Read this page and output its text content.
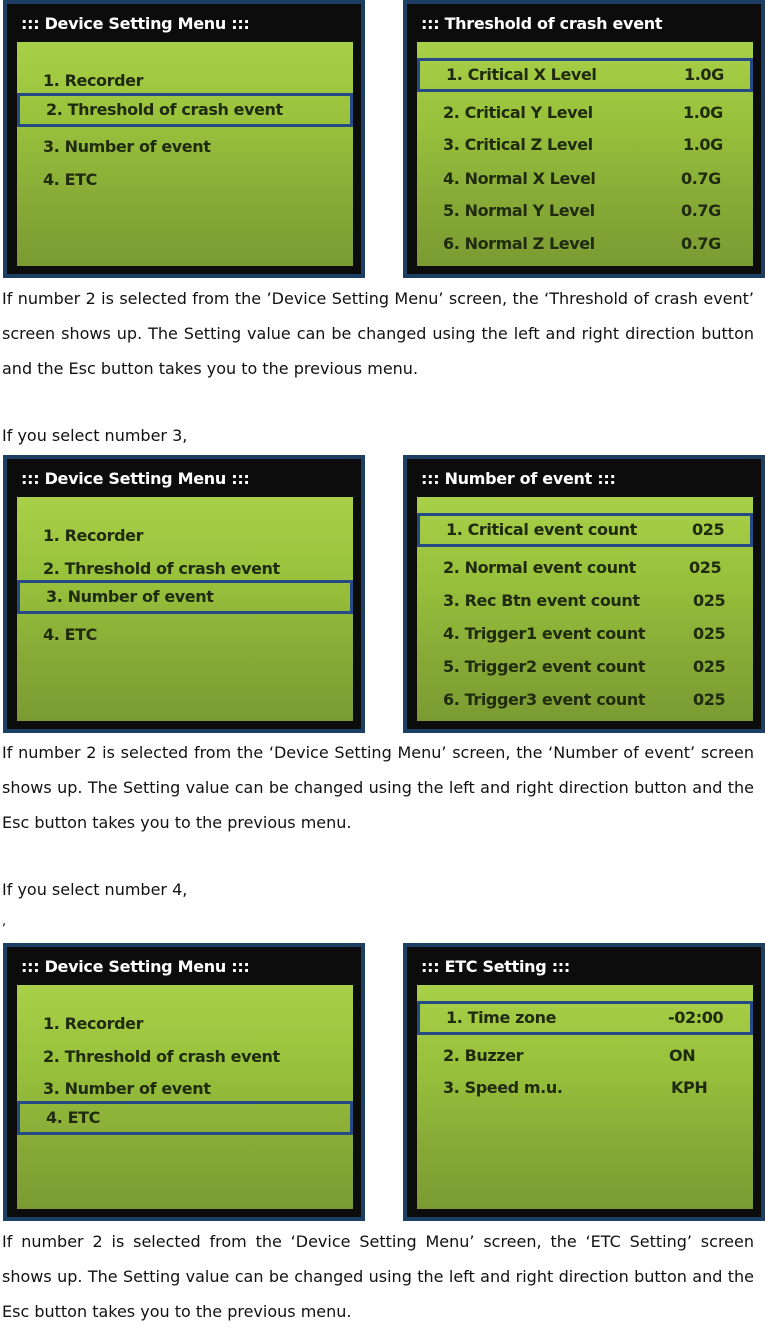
::: Device Setting Menu :::
1. Recorder
2. Threshold of crash event
3. Number of event
4. ETC
::: Threshold of crash event
1. Critical X Level	1.0G
2. Critical Y Level	1.0G
3. Critical Z Level	1.0G
4. Normal X Level	0.7G
5. Normal Y Level	0.7G
6. Normal Z Level	0.7G
If number 2 is selected from the ’Device Setting Menu’ screen, the ‘Threshold of crash event’ screen shows up. The Setting value can be changed using the left and right direction button and the Esc button takes you to the previous menu.
If you select number 3,
::: Device Setting Menu :::
1. Recorder
2. Threshold of crash event
3. Number of event
4. ETC
::: Number of event :::
1. Critical event count	025
2. Normal event count	025
3. Rec Btn event count	025
4. Trigger1 event count	025
5. Trigger2 event count	025
6. Trigger3 event count	025
If number 2 is selected from the ‘Device Setting Menu’ screen, the ‘Number of event’ screen shows up. The Setting value can be changed using the left and right direction button and the Esc button takes you to the previous menu.
If you select number 4,
,
::: Device Setting Menu :::
1. Recorder
2. Threshold of crash event
3. Number of event
4. ETC
::: ETC Setting :::
1. Time zone	-02:00
2. Buzzer	ON
3. Speed m.u.	KPH
If number 2 is selected from the ‘Device Setting Menu’ screen, the ‘ETC Setting’ screen shows up. The Setting value can be changed using the left and right direction button and the Esc button takes you to the previous menu.
